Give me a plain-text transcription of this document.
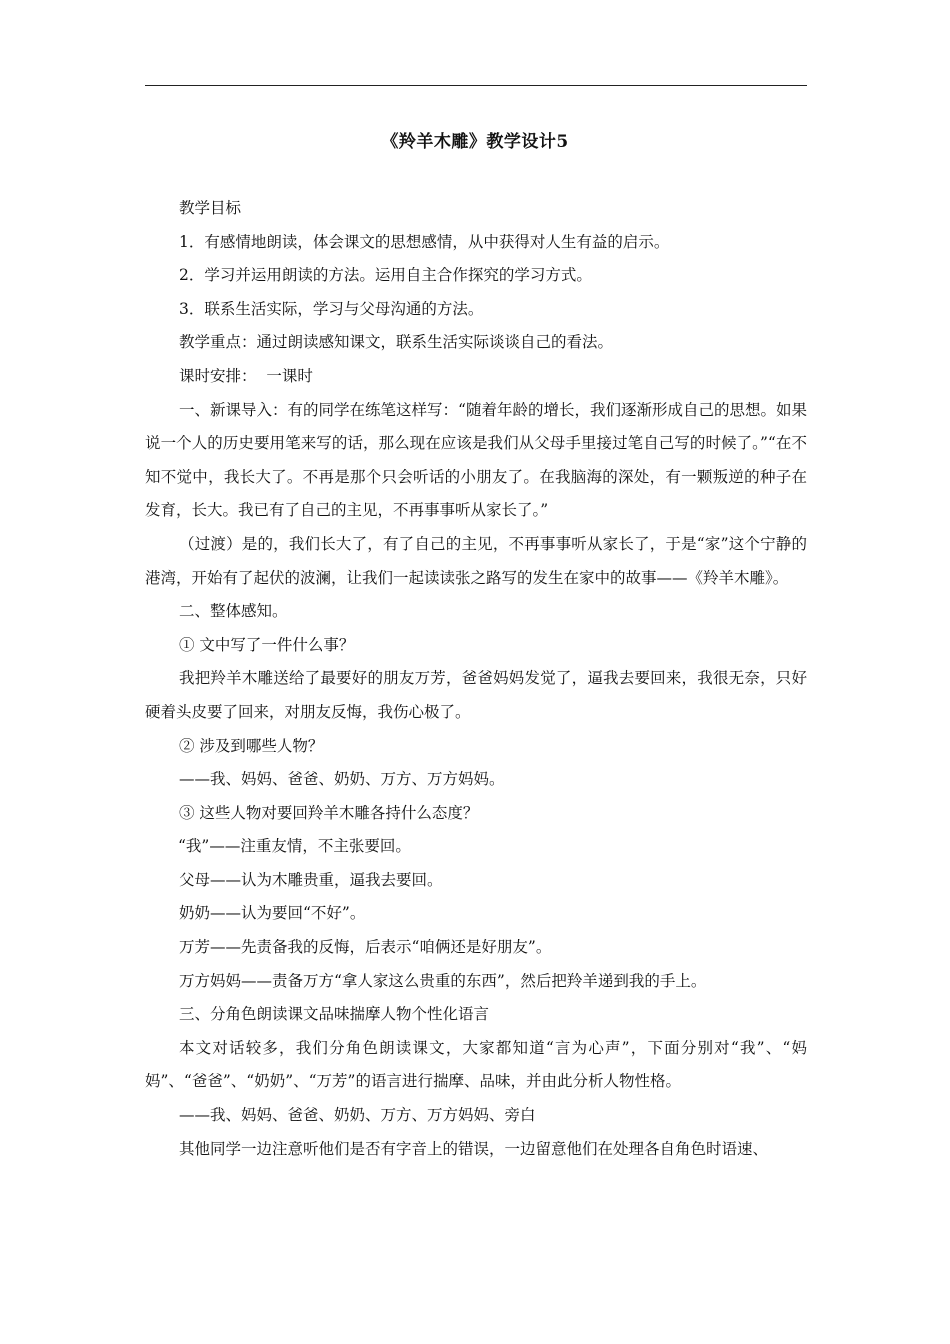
《羚羊木雕》教学设计5

教学目标

1．有感情地朗读，体会课文的思想感情，从中获得对人生有益的启示。

2．学习并运用朗读的方法。运用自主合作探究的学习方式。

3．联系生活实际，学习与父母沟通的方法。

教学重点：通过朗读感知课文，联系生活实际谈谈自己的看法。

课时安排：  一课时

一、新课导入：有的同学在练笔这样写：“随着年龄的增长，我们逐渐形成自己的思想。如果说一个人的历史要用笔来写的话，那么现在应该是我们从父母手里接过笔自己写的时候了。”“在不知不觉中，我长大了。不再是那个只会听话的小朋友了。在我脑海的深处，有一颗叛逆的种子在发育，长大。我已有了自己的主见，不再事事听从家长了。”

（过渡）是的，我们长大了，有了自己的主见，不再事事听从家长了，于是“家”这个宁静的港湾，开始有了起伏的波澜，让我们一起读读张之路写的发生在家中的故事——《羚羊木雕》。

二、整体感知。

① 文中写了一件什么事？

我把羚羊木雕送给了最要好的朋友万芳，爸爸妈妈发觉了，逼我去要回来，我很无奈，只好硬着头皮要了回来，对朋友反悔，我伤心极了。

② 涉及到哪些人物？

——我、妈妈、爸爸、奶奶、万方、万方妈妈。

③ 这些人物对要回羚羊木雕各持什么态度？

“我”——注重友情，不主张要回。

父母——认为木雕贵重，逼我去要回。

奶奶——认为要回“不好”。

万芳——先责备我的反悔，后表示“咱俩还是好朋友”。

万方妈妈——责备万方“拿人家这么贵重的东西”，然后把羚羊递到我的手上。

三、分角色朗读课文品味揣摩人物个性化语言

本文对话较多，我们分角色朗读课文，大家都知道“言为心声”，下面分别对“我”、“妈妈”、“爸爸”、“奶奶”、“万芳”的语言进行揣摩、品味，并由此分析人物性格。

——我、妈妈、爸爸、奶奶、万方、万方妈妈、旁白

其他同学一边注意听他们是否有字音上的错误，一边留意他们在处理各自角色时语速、
